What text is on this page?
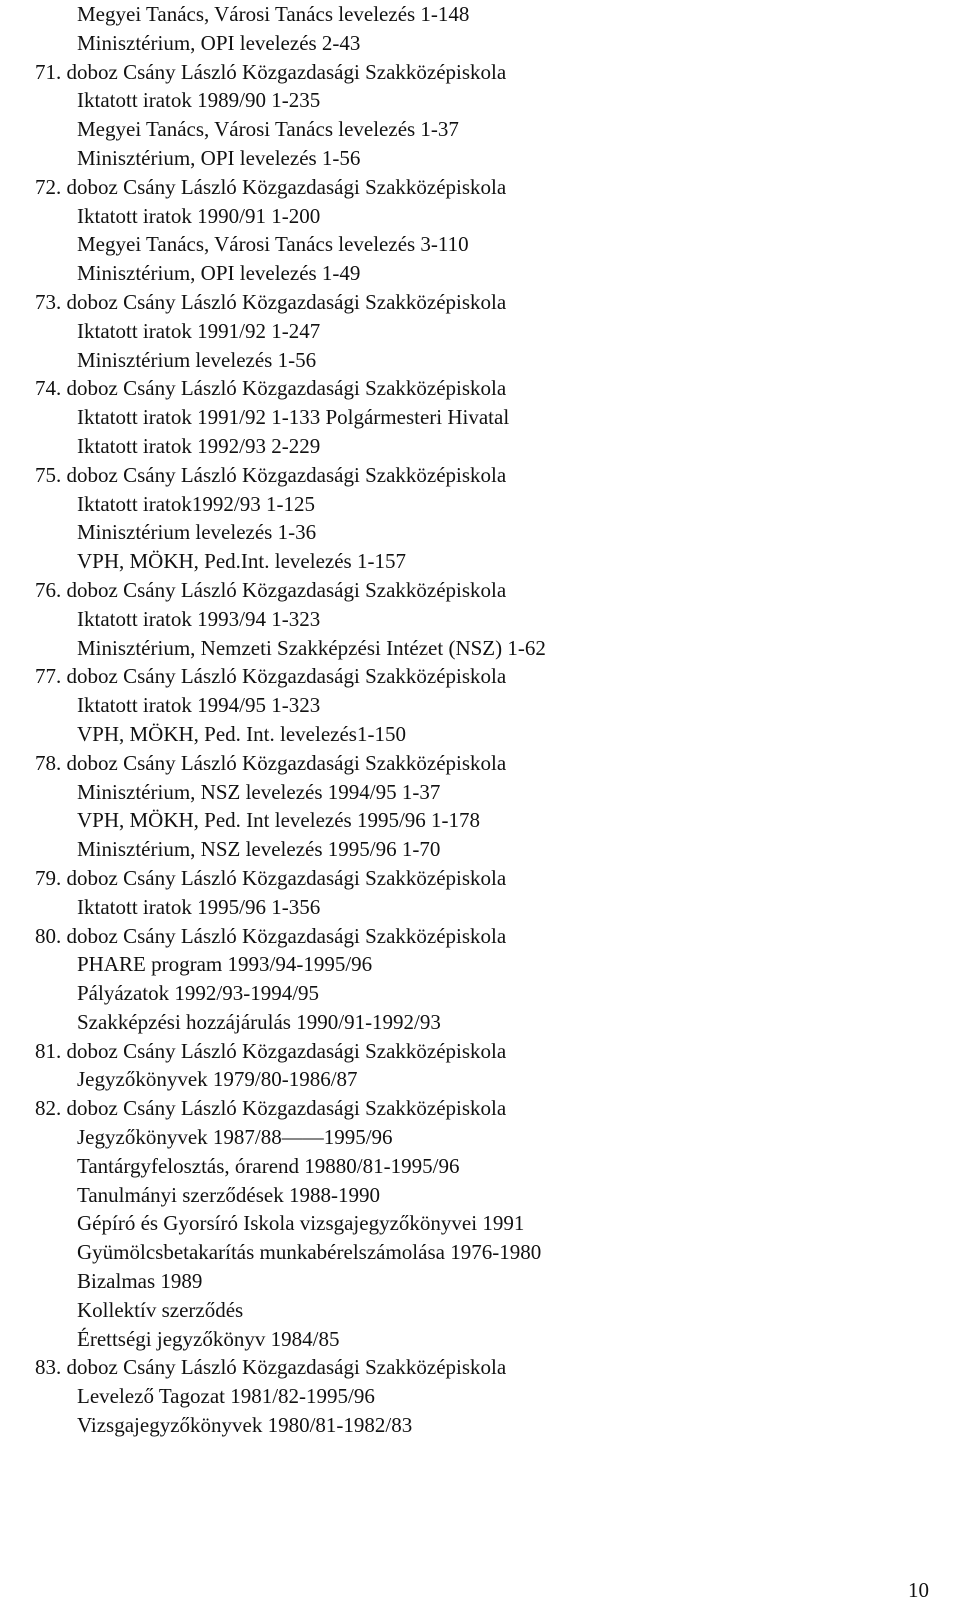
Megyei Tanács, Városi Tanács levelezés 1-148
Minisztérium, OPI levelezés 2-43
71. doboz Csány László Közgazdasági Szakközépiskola
Iktatott iratok 1989/90 1-235
Megyei Tanács, Városi Tanács levelezés 1-37
Minisztérium, OPI levelezés 1-56
72. doboz Csány László Közgazdasági Szakközépiskola
Iktatott iratok 1990/91 1-200
Megyei Tanács, Városi Tanács levelezés 3-110
Minisztérium, OPI levelezés 1-49
73. doboz Csány László Közgazdasági Szakközépiskola
Iktatott iratok 1991/92 1-247
Minisztérium levelezés 1-56
74. doboz Csány László Közgazdasági Szakközépiskola
Iktatott iratok 1991/92 1-133 Polgármesteri Hivatal
Iktatott iratok 1992/93 2-229
75. doboz Csány László Közgazdasági Szakközépiskola
Iktatott iratok1992/93 1-125
Minisztérium levelezés 1-36
VPH, MÖKH, Ped.Int. levelezés 1-157
76. doboz Csány László Közgazdasági Szakközépiskola
Iktatott iratok 1993/94 1-323
Minisztérium, Nemzeti Szakképzési Intézet (NSZ) 1-62
77. doboz Csány László Közgazdasági Szakközépiskola
Iktatott iratok 1994/95 1-323
VPH, MÖKH, Ped. Int. levelezés1-150
78. doboz Csány László Közgazdasági Szakközépiskola
Minisztérium, NSZ levelezés 1994/95 1-37
VPH, MÖKH, Ped. Int levelezés 1995/96 1-178
Minisztérium, NSZ levelezés 1995/96 1-70
79. doboz Csány László Közgazdasági Szakközépiskola
Iktatott iratok 1995/96 1-356
80. doboz Csány László Közgazdasági Szakközépiskola
PHARE program 1993/94-1995/96
Pályázatok 1992/93-1994/95
Szakképzési hozzájárulás 1990/91-1992/93
81. doboz Csány László Közgazdasági Szakközépiskola
Jegyzőkönyvek 1979/80-1986/87
82. doboz Csány László Közgazdasági Szakközépiskola
Jegyzőkönyvek 1987/88——1995/96
Tantárgyfelosztás, órarend 19880/81-1995/96
Tanulmányi szerződések 1988-1990
Gépíró és Gyorsíró Iskola vizsgajegyzőkönyvei 1991
Gyümölcsbetakarítás munkabérelszámolása 1976-1980
Bizalmas 1989
Kollektív szerződés
Érettségi jegyzőkönyv 1984/85
83. doboz Csány László Közgazdasági Szakközépiskola
Levelező Tagozat 1981/82-1995/96
Vizsgajegyzőkönyvek 1980/81-1982/83
10
